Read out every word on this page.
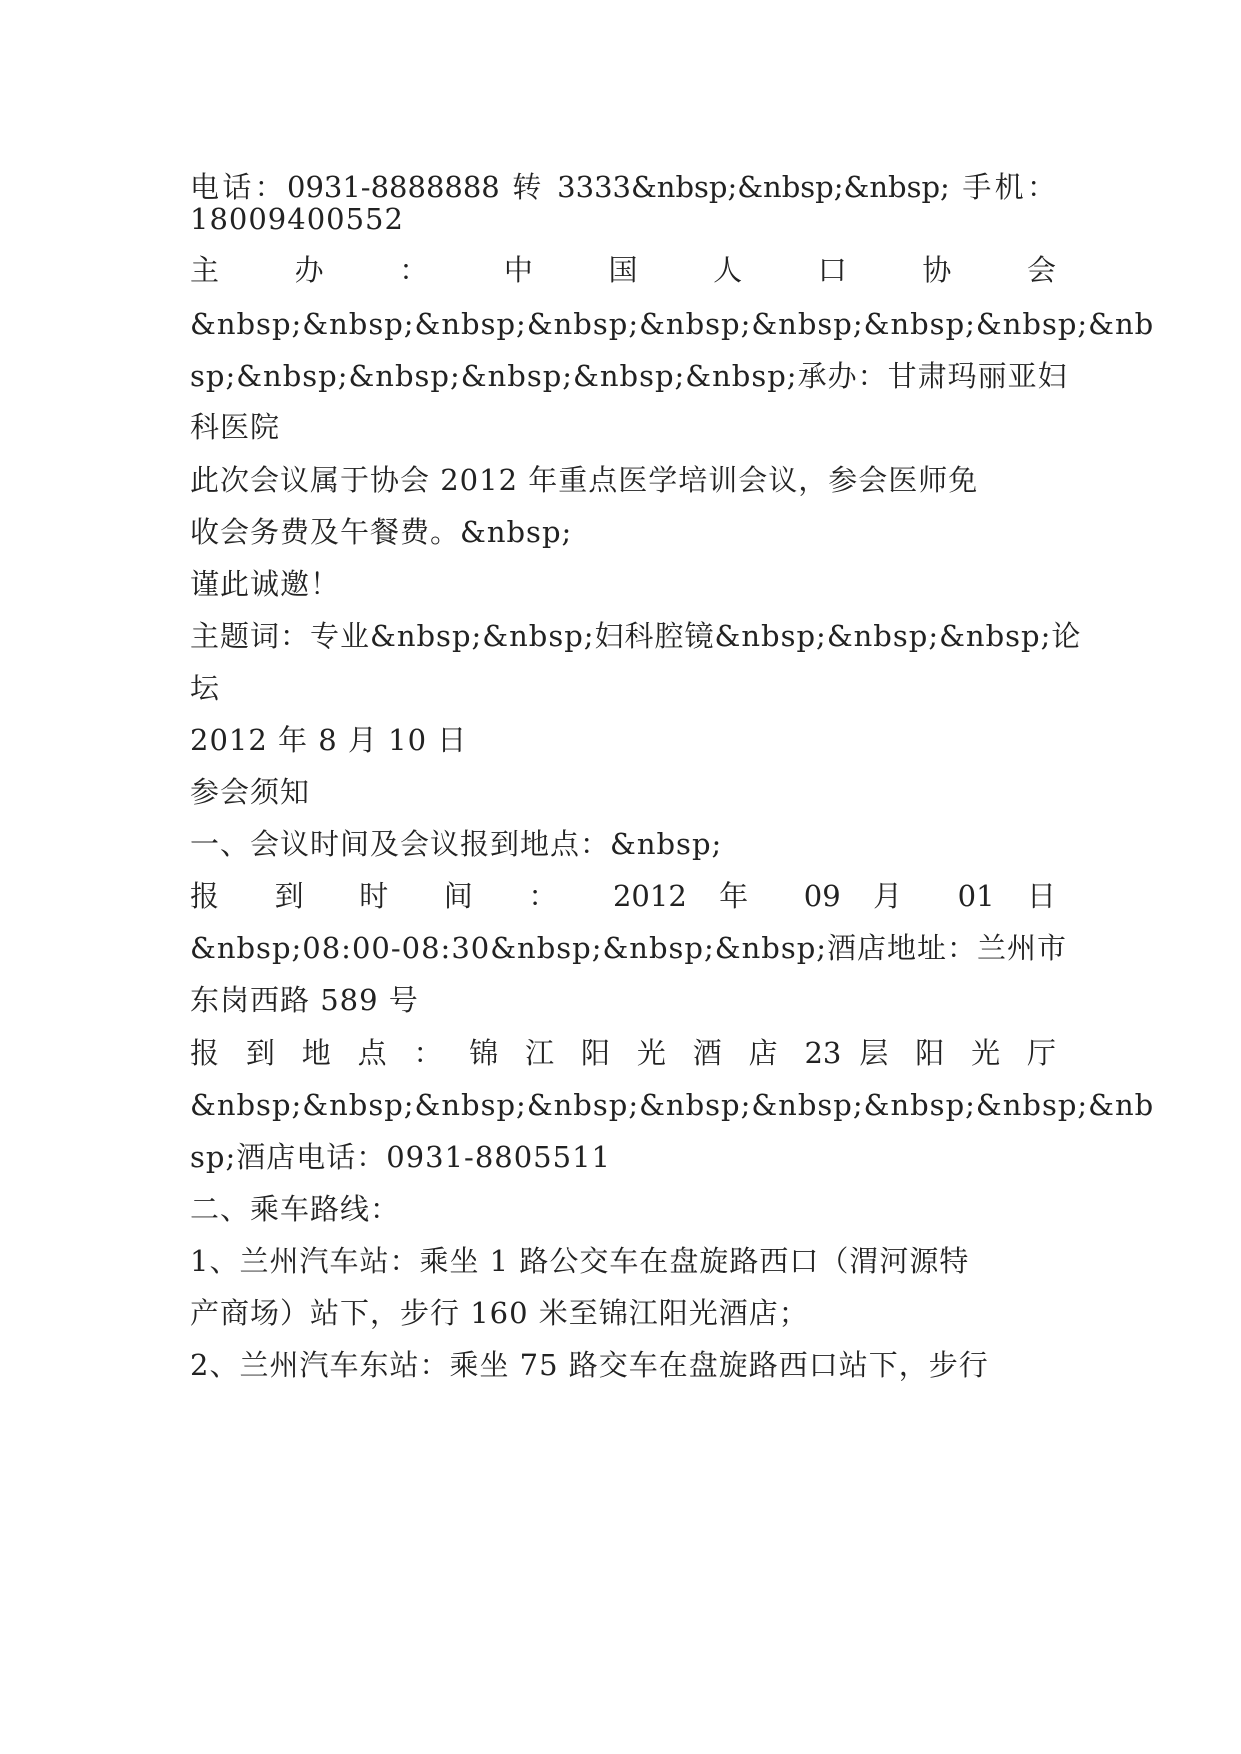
电话：0931-8888888 转 3333&nbsp;&nbsp;&nbsp; 手机：

18009400552

主 办 ： 中 国 人 口 协 会

&nbsp;&nbsp;&nbsp;&nbsp;&nbsp;&nbsp;&nbsp;&nbsp;&nb

sp;&nbsp;&nbsp;&nbsp;&nbsp;&nbsp;承办：甘肃玛丽亚妇

科医院

此次会议属于协会 2012 年重点医学培训会议，参会医师免

收会务费及午餐费。&nbsp;

谨此诚邀！

主题词：专业&nbsp;&nbsp;妇科腔镜&nbsp;&nbsp;&nbsp;论

坛

2012 年 8 月 10 日

参会须知

一、会议时间及会议报到地点：&nbsp;

报 到 时 间 ： 2012 年 09 月 01 日

&nbsp;08:00-08:30&nbsp;&nbsp;&nbsp;酒店地址：兰州市

东岗西路 589 号

报 到 地 点 ： 锦 江 阳 光 酒 店 23 层 阳 光 厅

&nbsp;&nbsp;&nbsp;&nbsp;&nbsp;&nbsp;&nbsp;&nbsp;&nb

sp;酒店电话：0931-8805511

二、乘车路线：

1、兰州汽车站：乘坐 1 路公交车在盘旋路西口（渭河源特

产商场）站下，步行 160 米至锦江阳光酒店；

2、兰州汽车东站：乘坐 75 路交车在盘旋路西口站下，步行
